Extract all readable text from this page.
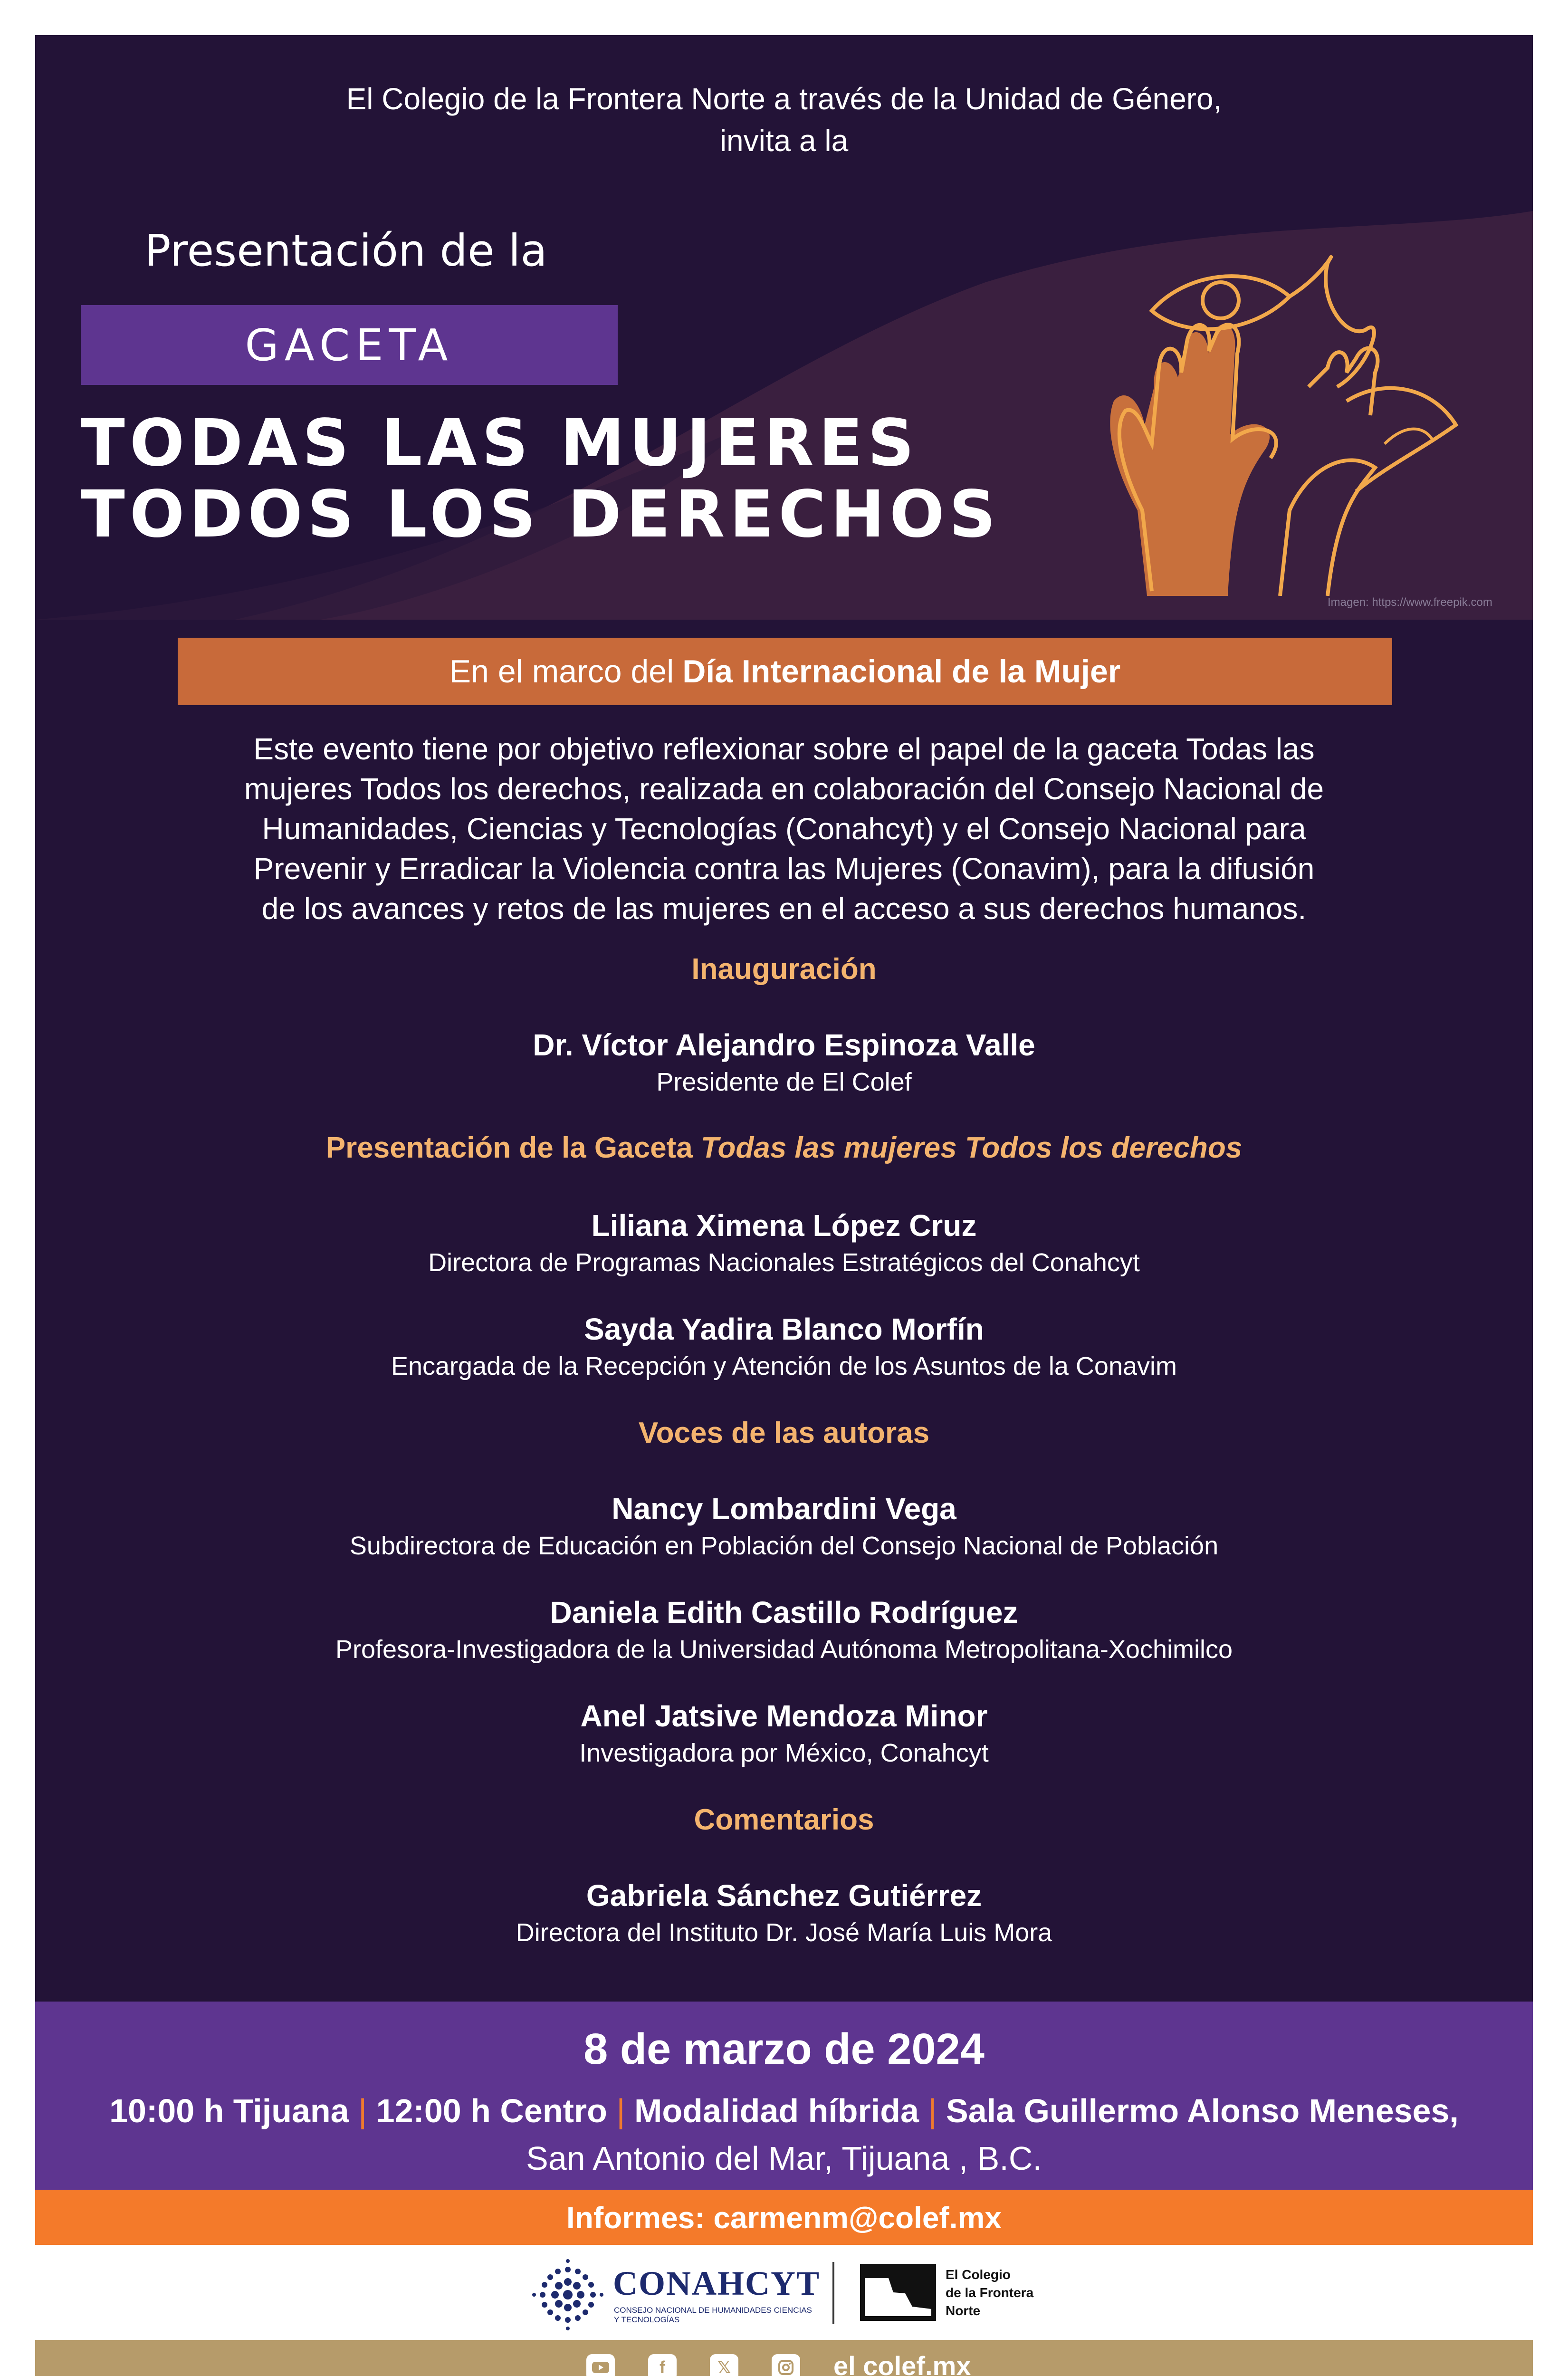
El Colegio de la Frontera Norte a través de la Unidad de Género,
invita a la
Presentación de la
GACETA
TODAS LAS MUJERES
TODOS LOS DERECHOS
Imagen: https://www.freepik.com
En el marco del Día Internacional de la Mujer
Este evento tiene por objetivo reflexionar sobre el papel de la gaceta Todas las
mujeres Todos los derechos, realizada en colaboración del Consejo Nacional de
Humanidades, Ciencias y Tecnologías (Conahcyt) y el Consejo Nacional para
Prevenir y Erradicar la Violencia contra las Mujeres (Conavim), para la difusión
de los avances y retos de las mujeres en el acceso a sus derechos humanos.
Inauguración
Dr. Víctor Alejandro Espinoza Valle
Presidente de El Colef
Presentación de la Gaceta Todas las mujeres Todos los derechos
Liliana Ximena López Cruz
Directora de Programas Nacionales Estratégicos del Conahcyt
Sayda Yadira Blanco Morfín
Encargada de la Recepción y Atención de los Asuntos de la Conavim
Voces de las autoras
Nancy Lombardini Vega
Subdirectora de Educación en Población del Consejo Nacional de Población
Daniela Edith Castillo Rodríguez
Profesora-Investigadora de la Universidad Autónoma Metropolitana-Xochimilco
Anel Jatsive Mendoza Minor
Investigadora por México, Conahcyt
Comentarios
Gabriela Sánchez Gutiérrez
Directora del Instituto Dr. José María Luis Mora
8 de marzo de 2024
10:00 h Tijuana | 12:00 h Centro | Modalidad híbrida | Sala Guillermo Alonso Meneses,
San Antonio del Mar, Tijuana , B.C.
Informes: carmenm@colef.mx
CONAHCYT
CONSEJO NACIONAL DE HUMANIDADES CIENCIAS Y TECNOLOGÍAS
El Colegio
de la Frontera
Norte
f	𝕏	el colef.mx
